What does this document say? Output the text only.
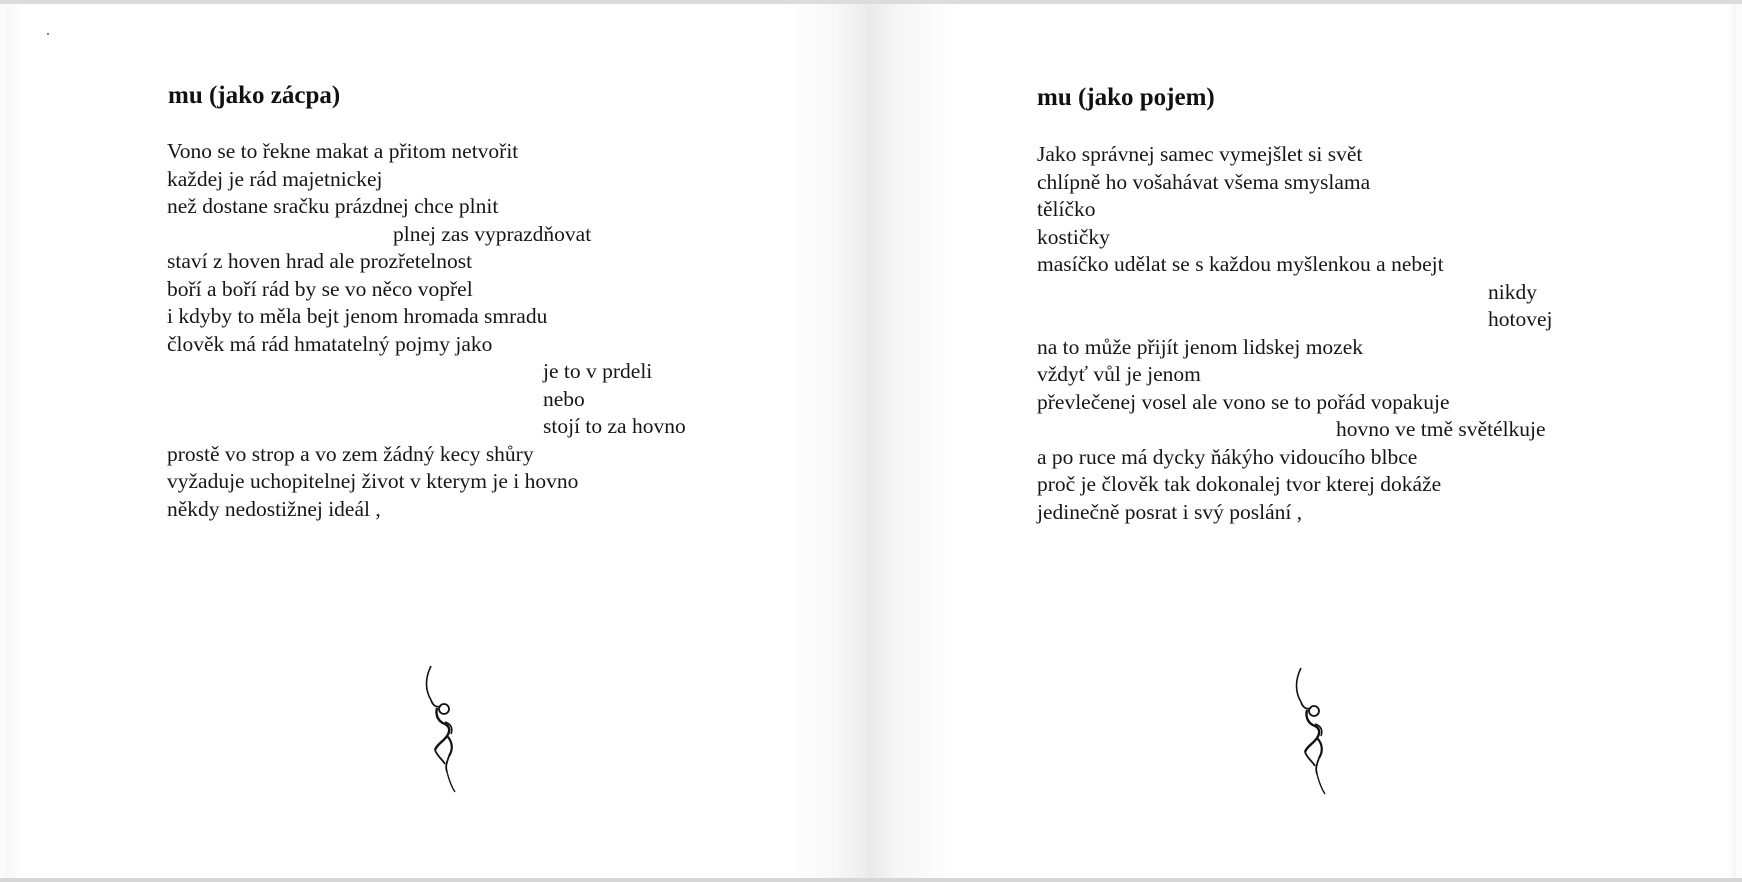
mu (jako zácpa)
Vono se to řekne makat a přitom netvořit
každej je rád majetnickej
než dostane sračku prázdnej chce plnit
plnej zas vyprazdňovat
staví z hoven hrad ale prozřetelnost
boří a boří rád by se vo něco vopřel
i kdyby to měla bejt jenom hromada smradu
člověk má rád hmatatelný pojmy jako
je to v prdeli
nebo
stojí to za hovno
prostě vo strop a vo zem žádný kecy shůry
vyžaduje uchopitelnej život v kterym je i hovno
někdy nedostižnej ideál ,
mu (jako pojem)
Jako správnej samec vymejšlet si svět
chlípně ho vošahávat všema smyslama
tělíčko
kostičky
masíčko udělat se s každou myšlenkou a nebejt
nikdy
hotovej
na to může přijít jenom lidskej mozek
vždyť vůl je jenom
převlečenej vosel ale vono se to pořád vopakuje
hovno ve tmě světélkuje
a po ruce má dycky ňákýho vidoucího blbce
proč je člověk tak dokonalej tvor kterej dokáže
jedinečně posrat i svý poslání ,
